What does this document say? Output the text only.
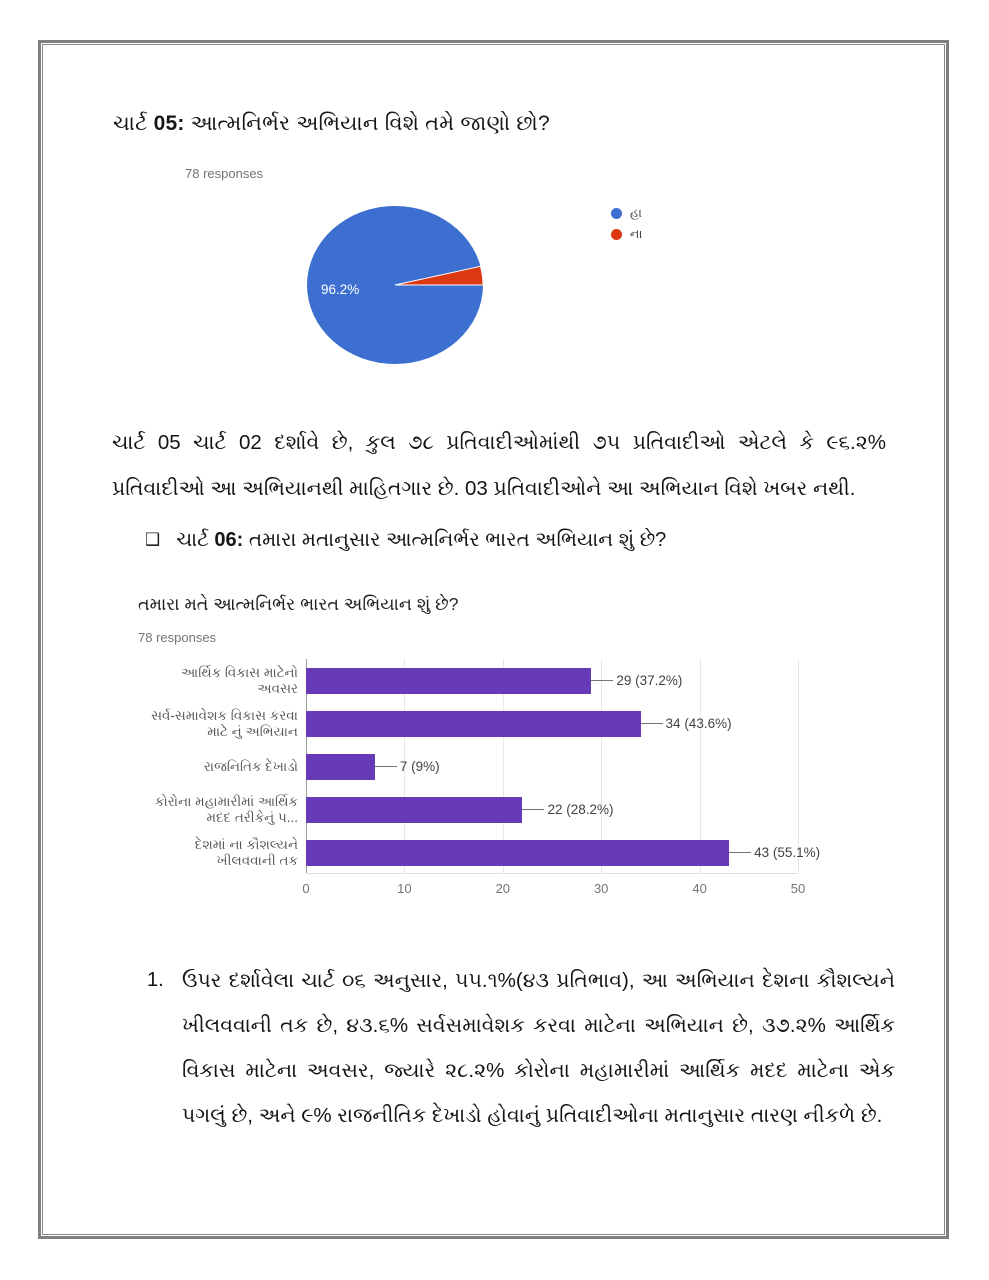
ચાર્ટ 05: આત્મનિર્ભર અભિયાન વિશે તમે જાણો છો?
78 responses
96.2%
હા
ના
ચાર્ટ 05 ચાર્ટ 02 દર્શાવે છે, કુલ ૭૮ પ્રતિવાદીઓમાંથી ૭૫ પ્રતિવાદીઓ એટલે કે ૯૬.૨% પ્રતિવાદીઓ આ અભિયાનથી માહિતગાર છે. 03 પ્રતિવાદીઓને આ અભિયાન વિશે ખબર નથી.
❑ ચાર્ટ 06: તમારા મતાનુસાર આત્મનિર્ભર ભારત અભિયાન શું છે?
તમારા મતે આત્મનિર્ભર ભારત અભિયાન શું છે?
78 responses
આર્થિક વિકાસ માટેનો અવસર
સર્વ-સમાવેશક વિકાસ કરવા માટે નું અભિયાન
રાજનિતિક દેખાડો
કોરોના મહામારીમાં આર્થિક મદદ તરીકેનું પ...
દેશમાં ના કૌશલ્યને ખીલવવાની તક
29 (37.2%)
34 (43.6%)
7 (9%)
22 (28.2%)
43 (55.1%)
0	10	20	30	40	50
1. ઉપર દર્શાવેલા ચાર્ટ ૦૬ અનુસાર, ૫૫.૧%(૪૩ પ્રતિભાવ), આ અભિયાન દેશના કૌશલ્યને ખીલવવાની તક છે, ૪૩.૬% સર્વસમાવેશક કરવા માટેના અભિયાન છે, ૩૭.૨% આર્થિક વિકાસ માટેના અવસર, જ્યારે ૨૮.૨% કોરોના મહામારીમાં આર્થિક મદદ માટેના એક પગલું છે, અને ૯% રાજનીતિક દેખાડો હોવાનું પ્રતિવાદીઓના મતાનુસાર તારણ નીકળે છે.
